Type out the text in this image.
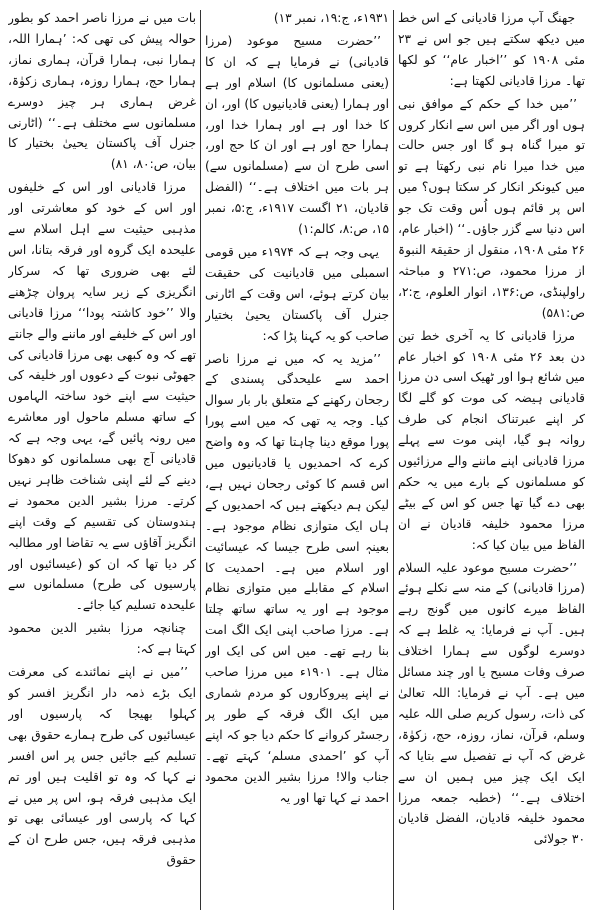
جھنگ آپ مرزا قادیانی کے اس خط میں دیکھ سکتے ہیں جو اس نے ۲۳ مئی ۱۹۰۸ کو ’’اخبار عام‘‘ کو لکھا تھا۔ مرزا قادیانی لکھتا ہے:

’’میں خدا کے حکم کے موافق نبی ہوں اور اگر میں اس سے انکار کروں تو میرا گناہ ہو گا اور جس حالت میں خدا میرا نام نبی رکھتا ہے تو میں کیونکر انکار کر سکتا ہوں؟ میں اس پر قائم ہوں اُس وقت تک جو اس دنیا سے گزر جاؤں۔‘‘ (اخبار عام، ۲۶ مئی ۱۹۰۸، منقول از حقیقۃ النبوۃ از مرزا محمود، ص:۲۷۱ و مباحثہ راولپنڈی، ص:۱۳۶، انوار العلوم، ج:۲، ص:۵۸۱)

مرزا قادیانی کا یہ آخری خط تین دن بعد ۲۶ مئی ۱۹۰۸ کو اخبار عام میں شائع ہوا اور ٹھیک اسی دن مرزا قادیانی ہیضہ کی موت کو گلے لگا کر اپنے عبرتناک انجام کی طرف روانہ ہو گیا، اپنی موت سے پہلے مرزا قادیانی اپنے ماننے والے مرزائیوں کو مسلمانوں کے بارے میں یہ حکم بھی دے گیا تھا جس کو اس کے بیٹے مرزا محمود خلیفہ قادیان نے ان الفاظ میں بیان کیا کہ:

’’حضرت مسیح موعود علیہ السلام (مرزا قادیانی) کے منہ سے نکلے ہوئے الفاظ میرے کانوں میں گونج رہے ہیں۔ آپ نے فرمایا: یہ غلط ہے کہ دوسرے لوگوں سے ہمارا اختلاف صرف وفات مسیح یا اور چند مسائل میں ہے۔ آپ نے فرمایا: اللہ تعالیٰ کی ذات، رسول کریم صلی اللہ علیہ وسلم، قرآن، نماز، روزہ، حج، زکوٰۃ، غرض کہ آپ نے تفصیل سے بتایا کہ ایک ایک چیز میں ہمیں ان سے اختلاف ہے۔‘‘ (خطبہ جمعہ مرزا محمود خلیفہ قادیان، الفضل قادیان ۳۰ جولائی

۱۹۳۱ء، ج:۱۹، نمبر ۱۳)

’’حضرت مسیح موعود (مرزا قادیانی) نے فرمایا ہے کہ ان کا (یعنی مسلمانوں کا) اسلام اور ہے اور ہمارا (یعنی قادیانیوں کا) اور، ان کا خدا اور ہے اور ہمارا خدا اور، ہمارا حج اور ہے اور ان کا حج اور، اسی طرح ان سے (مسلمانوں سے) ہر بات میں اختلاف ہے۔‘‘ (الفضل قادیان، ۲۱ اگست ۱۹۱۷ء، ج:۵، نمبر ۱۵، ص:۸، کالم:۱)

یہی وجہ ہے کہ ۱۹۷۴ء میں قومی اسمبلی میں قادیانیت کی حقیقت بیان کرتے ہوئے، اس وقت کے اٹارنی جنرل آف پاکستان یحییٰ بختیار صاحب کو یہ کہنا پڑا کہ:

’’مزید یہ کہ میں نے مرزا ناصر احمد سے علیحدگی پسندی کے رجحان رکھنے کے متعلق بار بار سوال کیا۔ وجہ یہ تھی کہ میں اسے پورا پورا موقع دینا چاہتا تھا کہ وہ واضح کرے کہ احمدیوں یا قادیانیوں میں اس قسم کا کوئی رجحان نہیں ہے، لیکن ہم دیکھتے ہیں کہ احمدیوں کے ہاں ایک متوازی نظام موجود ہے۔ بعینہٖ اسی طرح جیسا کہ عیسائیت اور اسلام میں ہے۔ احمدیت کا اسلام کے مقابلے میں متوازی نظام موجود ہے اور یہ ساتھ ساتھ چلتا ہے۔ مرزا صاحب اپنی ایک الگ امت بنا رہے تھے۔ میں اس کی ایک اور مثال ہے۔ ۱۹۰۱ء میں مرزا صاحب نے اپنے پیروکاروں کو مردم شماری میں ایک الگ فرقہ کے طور پر رجسٹر کروانے کا حکم دیا جو کہ اپنے آپ کو ’احمدی مسلم‘ کہتے تھے۔ جناب والا! مرزا بشیر الدین محمود احمد نے کہا تھا اور یہ

بات میں نے مرزا ناصر احمد کو بطور حوالہ پیش کی تھی کہ: ’ہمارا اللہ، ہمارا نبی، ہمارا قرآن، ہماری نماز، ہمارا حج، ہمارا روزہ، ہماری زکوٰۃ، غرض ہماری ہر چیز دوسرے مسلمانوں سے مختلف ہے۔‘‘ (اٹارنی جنرل آف پاکستان یحییٰ بختیار کا بیان، ص:۸۰، ۸۱)

مرزا قادیانی اور اس کے خلیفوں اور اس کے خود کو معاشرتی اور مذہبی حیثیت سے اہل اسلام سے علیحدہ ایک گروہ اور فرقہ بتانا، اس لئے بھی ضروری تھا کہ سرکار انگریزی کے زیر سایہ پروان چڑھنے والا ’’خود کاشتہ پودا‘‘ مرزا قادیانی اور اس کے خلیفے اور ماننے والے جانتے تھے کہ وہ کبھی بھی مرزا قادیانی کی جھوٹی نبوت کے دعووں اور خلیفہ کی حیثیت سے اپنے خود ساختہ الہاموں کے ساتھ مسلم ماحول اور معاشرے میں رونہ پائیں گے، یہی وجہ ہے کہ قادیانی آج بھی مسلمانوں کو دھوکا دینے کے لئے اپنی شناخت ظاہر نہیں کرتے۔ مرزا بشیر الدین محمود نے ہندوستان کی تقسیم کے وقت اپنے انگریز آقاؤں سے یہ تقاضا اور مطالبہ کر دیا تھا کہ ان کو (عیسائیوں اور پارسیوں کی طرح) مسلمانوں سے علیحدہ تسلیم کیا جائے۔

چنانچہ مرزا بشیر الدین محمود کہتا ہے کہ:

’’میں نے اپنے نمائندے کی معرفت ایک بڑے ذمہ دار انگریز افسر کو کہلوا بھیجا کہ پارسیوں اور عیسائیوں کی طرح ہمارے حقوق بھی تسلیم کیے جائیں جس پر اس افسر نے کہا کہ وہ تو اقلیت ہیں اور تم ایک مذہبی فرقہ ہو، اس پر میں نے کہا کہ پارسی اور عیسائی بھی تو مذہبی فرقہ ہیں، جس طرح ان کے حقوق
